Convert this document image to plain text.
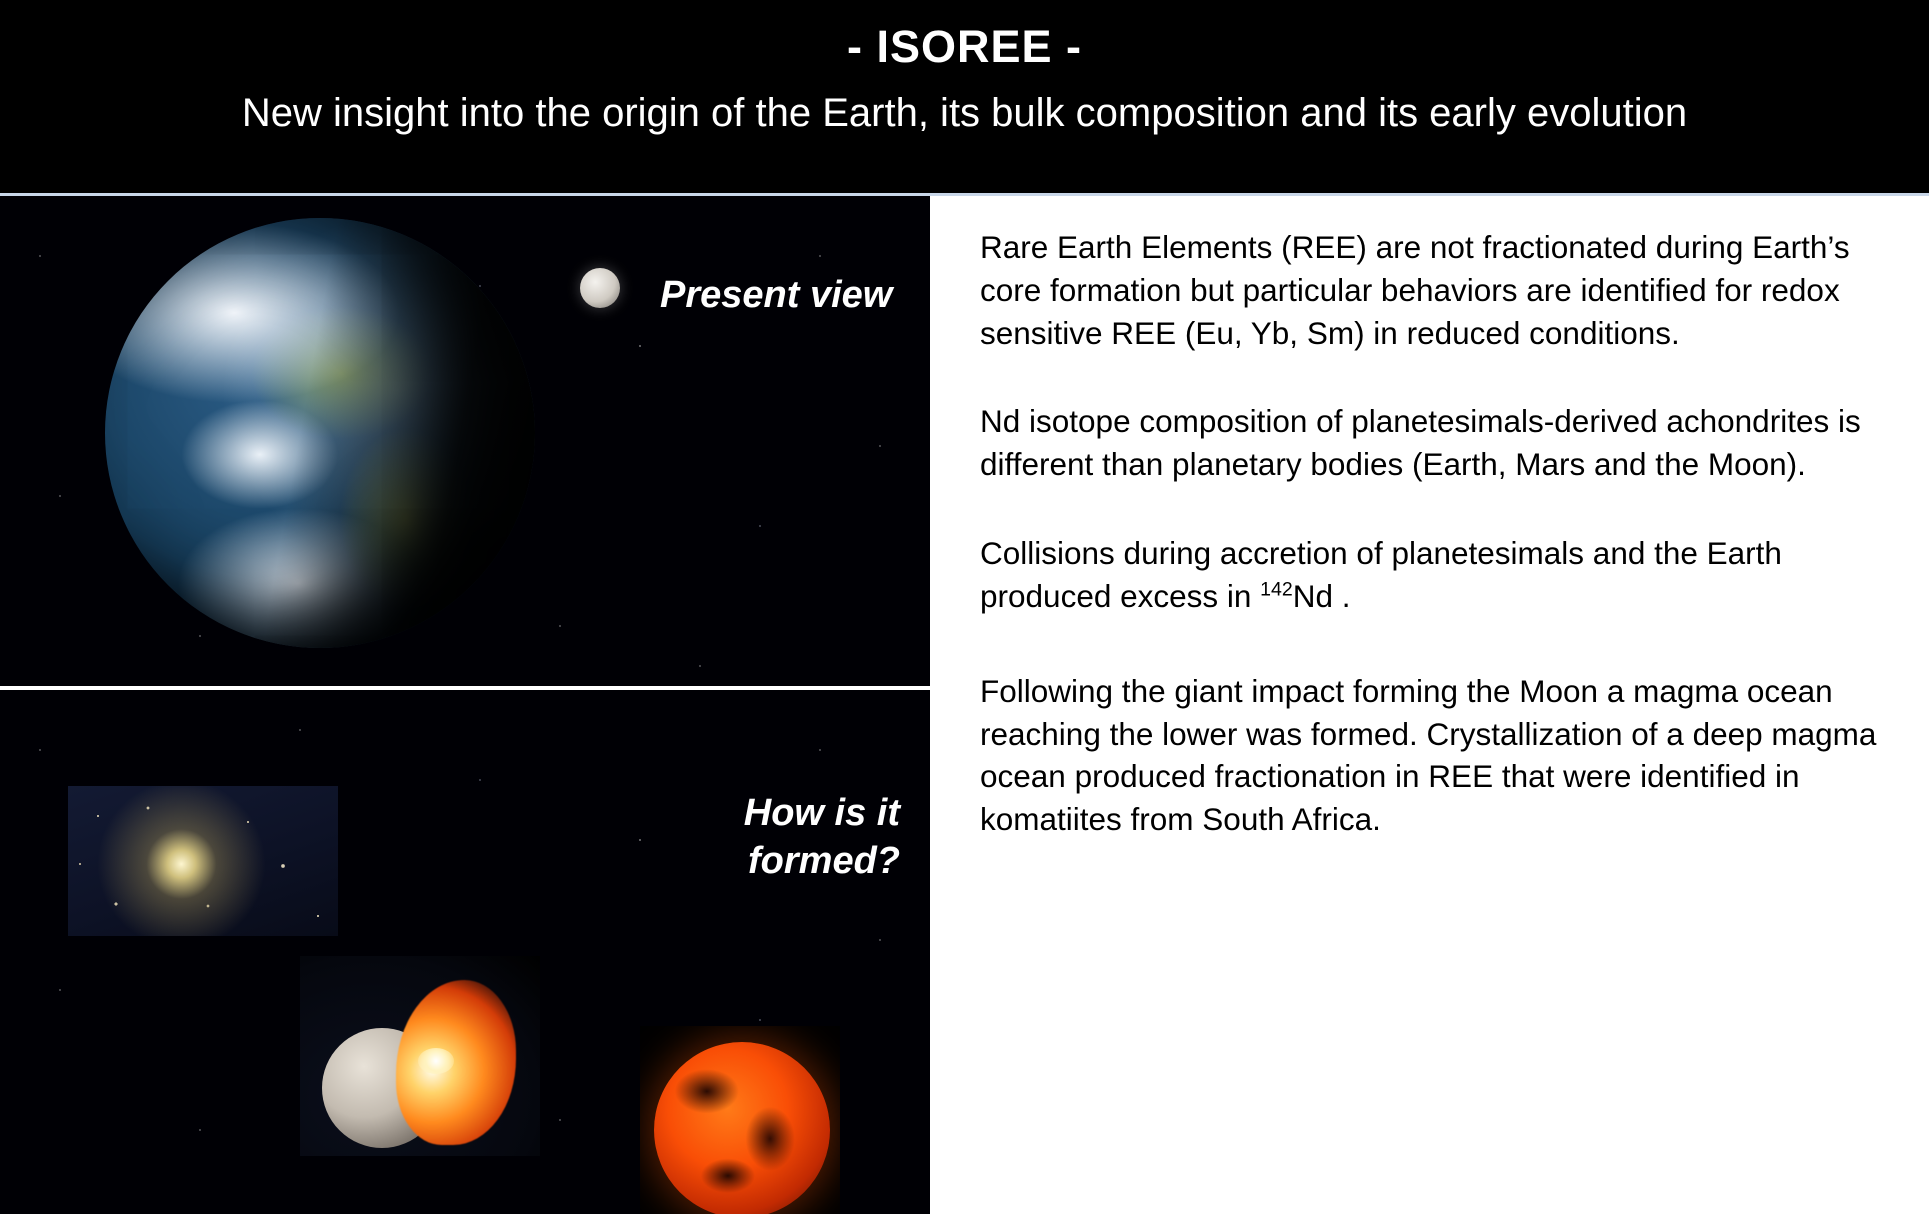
- ISOREE -
New insight into the origin of the Earth, its bulk composition and its early evolution
Present view
How is it formed?

Rare Earth Elements (REE) are not fractionated during Earth’s core formation but particular behaviors are identified for redox sensitive REE (Eu, Yb, Sm) in reduced conditions.

Nd isotope composition of planetesimals-derived achondrites is different than planetary bodies (Earth, Mars and the Moon).

Collisions during accretion of planetesimals and the Earth produced excess in $^{142}$Nd .

Following the giant impact forming the Moon a magma ocean reaching the lower was formed. Crystallization of a deep magma ocean produced fractionation in REE that were identified in komatiites from South Africa.
